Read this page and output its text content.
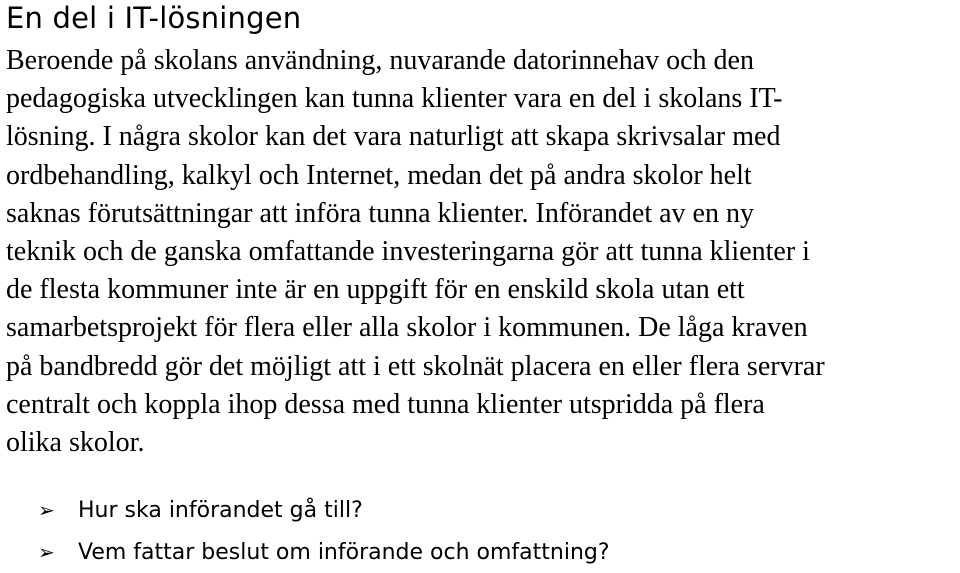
En del i IT-lösningen

Beroende på skolans användning, nuvarande datorinnehav och den
pedagogiska utvecklingen kan tunna klienter vara en del i skolans IT-
lösning. I några skolor kan det vara naturligt att skapa skrivsalar med
ordbehandling, kalkyl och Internet, medan det på andra skolor helt
saknas förutsättningar att införa tunna klienter. Införandet av en ny
teknik och de ganska omfattande investeringarna gör att tunna klienter i
de flesta kommuner inte är en uppgift för en enskild skola utan ett
samarbetsprojekt för flera eller alla skolor i kommunen. De låga kraven
på bandbredd gör det möjligt att i ett skolnät placera en eller flera servrar
centralt och koppla ihop dessa med tunna klienter utspridda på flera
olika skolor.

➢	Hur ska införandet gå till?
➢	Vem fattar beslut om införande och omfattning?
